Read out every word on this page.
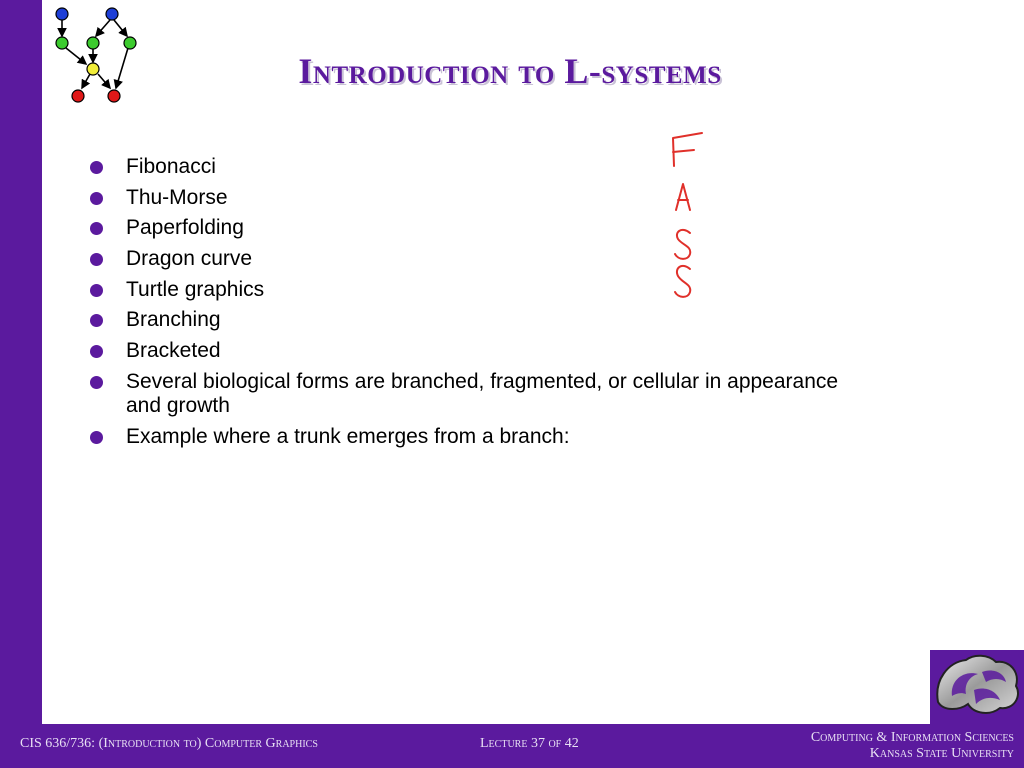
Introduction to L-systems
Fibonacci
Thu-Morse
Paperfolding
Dragon curve
Turtle graphics
Branching
Bracketed
Several biological forms are branched, fragmented, or cellular in appearance and growth
Example where a trunk emerges from a branch:
CIS 636/736: (Introduction to) Computer Graphics	Lecture 37 of 42	Computing & Information Sciences
Kansas State University
